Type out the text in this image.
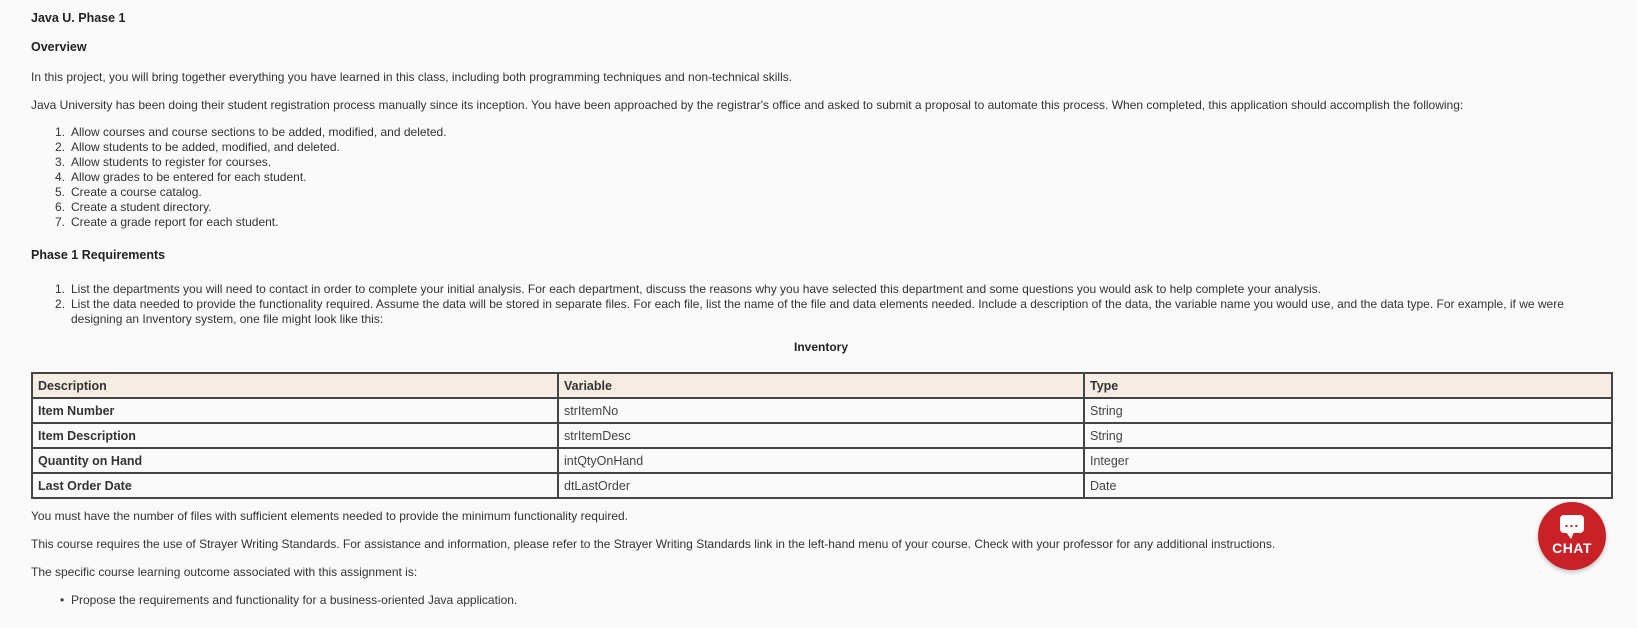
Java U. Phase 1
Overview

In this project, you will bring together everything you have learned in this class, including both programming techniques and non-technical skills.

Java University has been doing their student registration process manually since its inception. You have been approached by the registrar's office and asked to submit a proposal to automate this process. When completed, this application should accomplish the following:

1. Allow courses and course sections to be added, modified, and deleted.
2. Allow students to be added, modified, and deleted.
3. Allow students to register for courses.
4. Allow grades to be entered for each student.
5. Create a course catalog.
6. Create a student directory.
7. Create a grade report for each student.
Phase 1 Requirements
1. List the departments you will need to contact in order to complete your initial analysis. For each department, discuss the reasons why you have selected this department and some questions you would ask to help complete your analysis.
2. List the data needed to provide the functionality required. Assume the data will be stored in separate files. For each file, list the name of the file and data elements needed. Include a description of the data, the variable name you would use, and the data type. For example, if we were designing an Inventory system, one file might look like this:
Inventory
Description	Variable	Type
Item Number	strItemNo	String
Item Description	strItemDesc	String
Quantity on Hand	intQtyOnHand	Integer
Last Order Date	dtLastOrder	Date

You must have the number of files with sufficient elements needed to provide the minimum functionality required.

This course requires the use of Strayer Writing Standards. For assistance and information, please refer to the Strayer Writing Standards link in the left-hand menu of your course. Check with your professor for any additional instructions.

The specific course learning outcome associated with this assignment is:

• Propose the requirements and functionality for a business-oriented Java application.
...
CHAT
